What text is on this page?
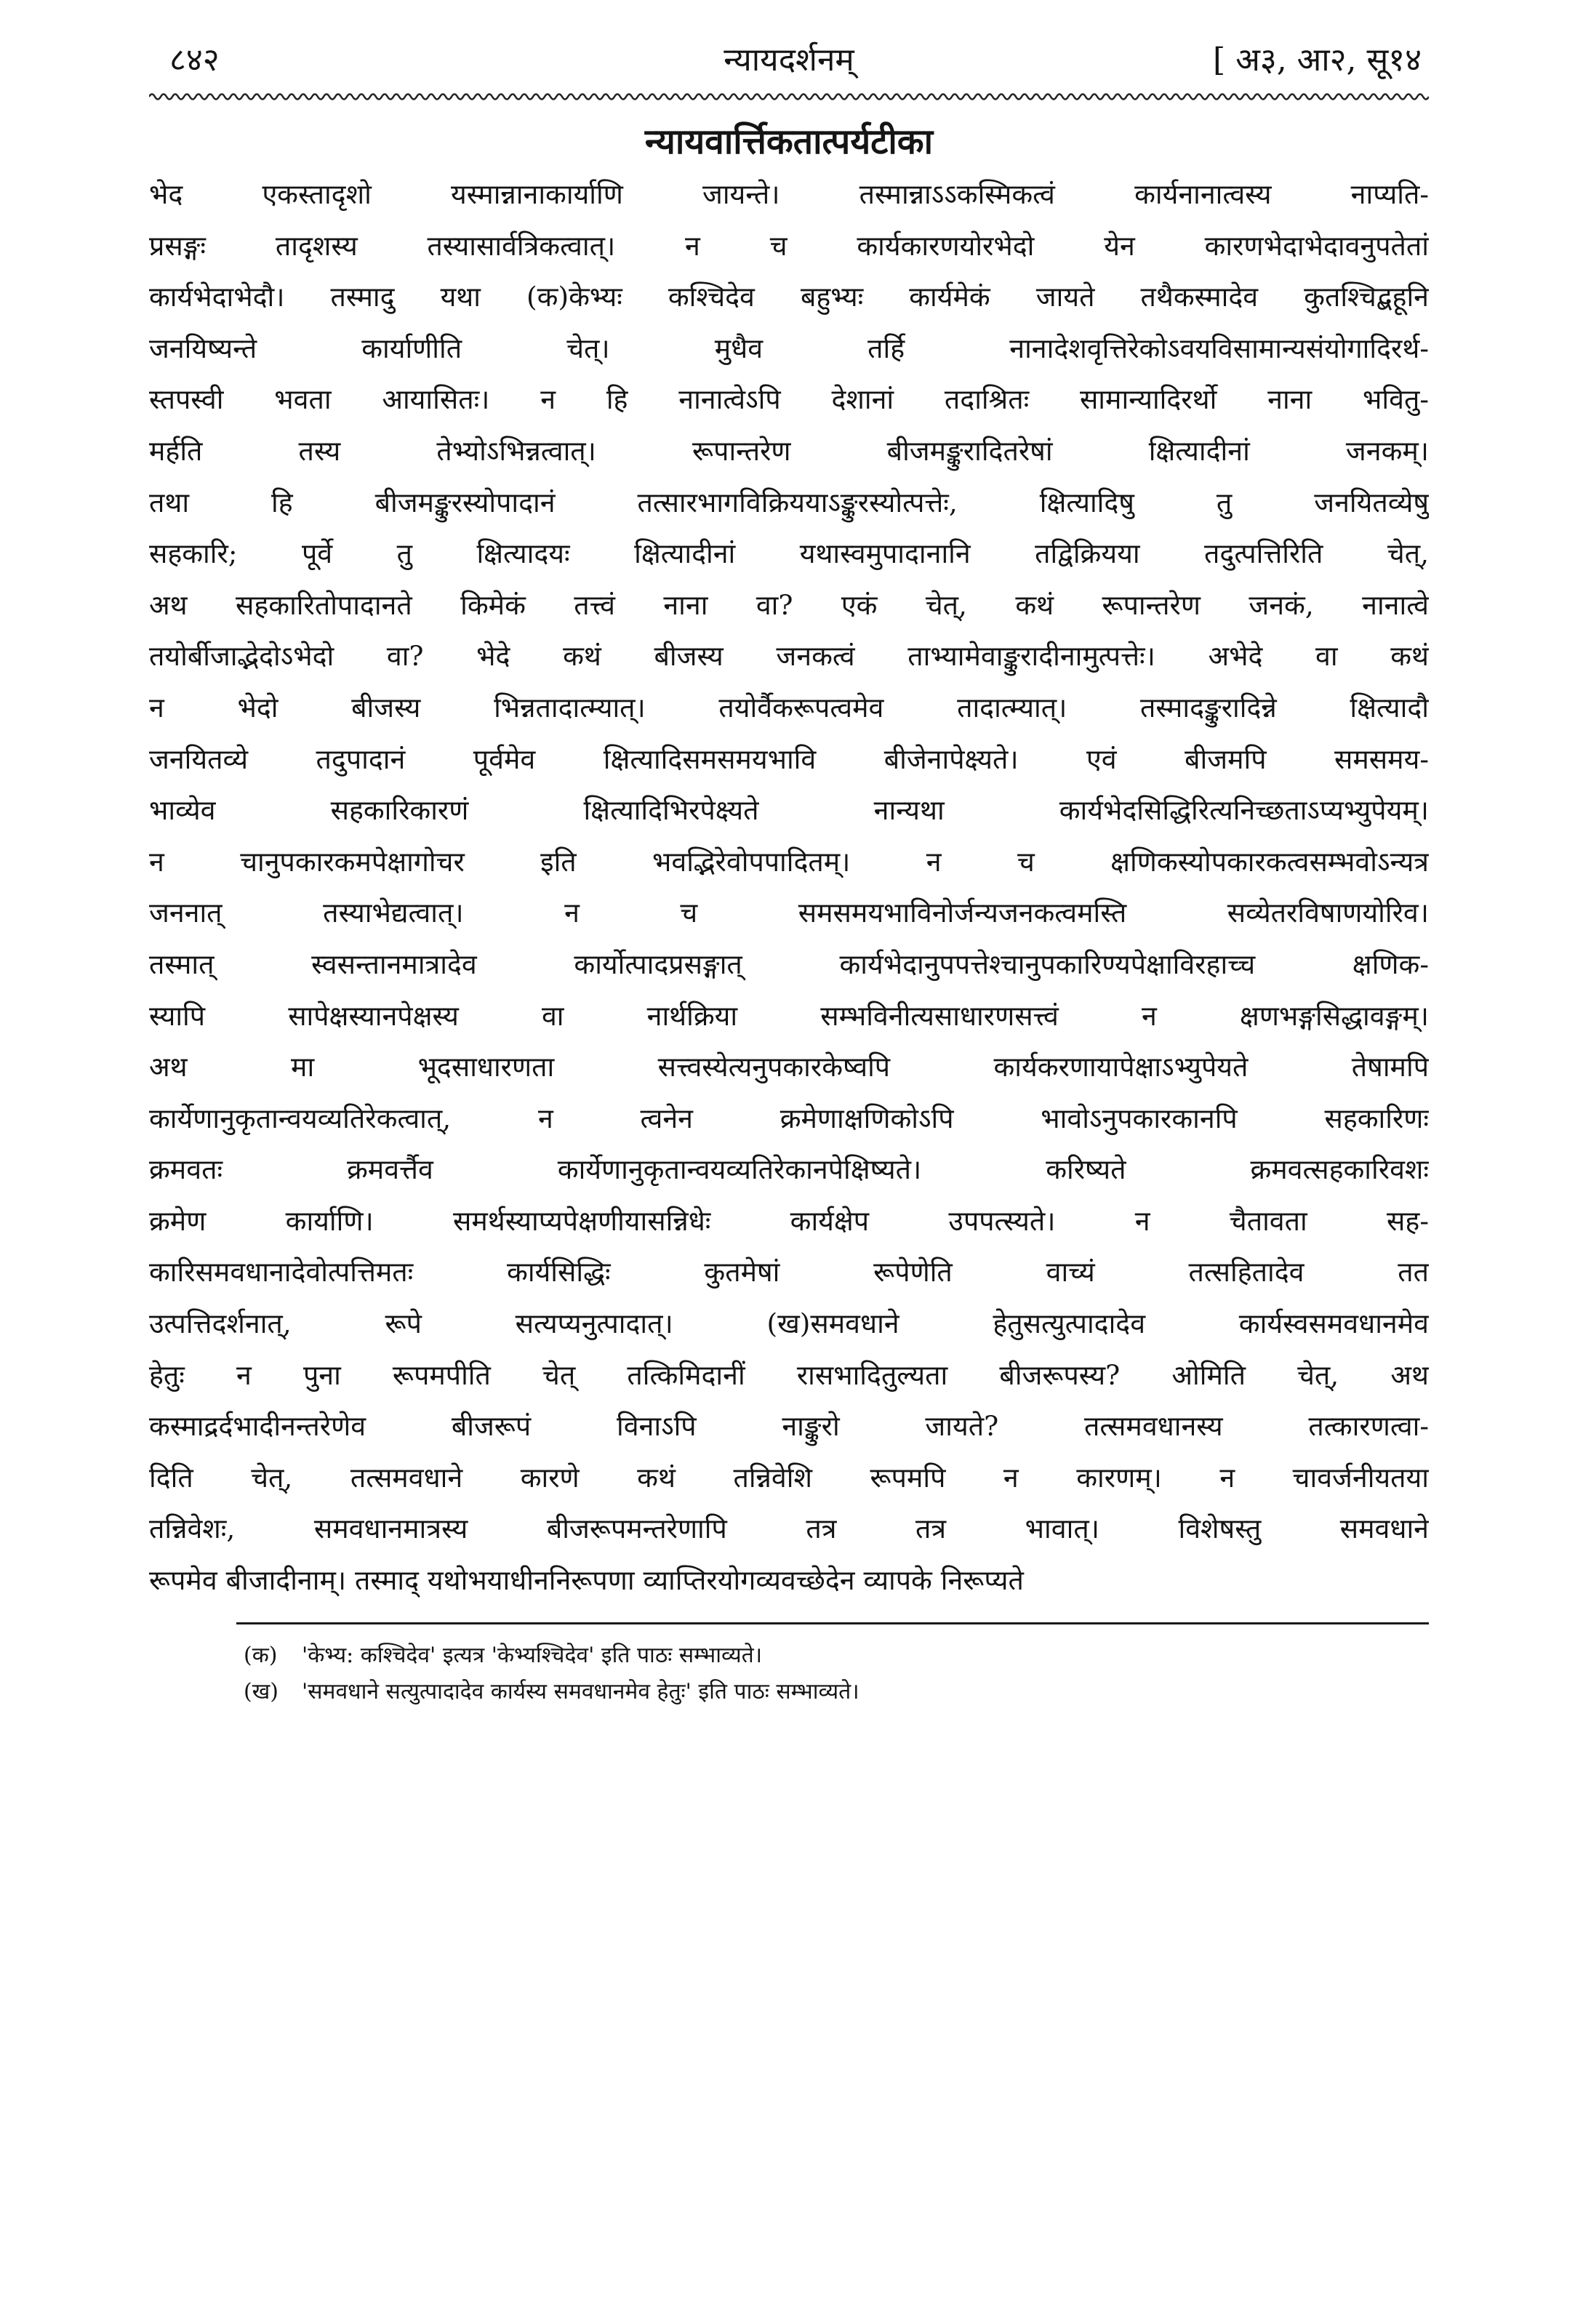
८४२	न्यायदर्शनम्	[ अ३, आ२, सू१४
न्यायवार्त्तिकतात्पर्यटीका
भेद एकस्तादृशो यस्मान्नानाकार्याणि जायन्ते। तस्मान्नाऽऽकस्मिकत्वं कार्यनानात्वस्य नाप्यति-
प्रसङ्गः तादृशस्य तस्यासार्वत्रिकत्वात्। न च कार्यकारणयोरभेदो येन कारणभेदाभेदावनुपतेतां
कार्यभेदाभेदौ। तस्मादु यथा (क)केभ्यः कश्चिदेव बहुभ्यः कार्यमेकं जायते तथैकस्मादेव कुतश्चिद्बहूनि
जनयिष्यन्ते कार्याणीति चेत्। मुधैव तर्हि नानादेशवृत्तिरेकोऽवयविसामान्यसंयोगादिरर्थ-
स्तपस्वी भवता आयासितः। न हि नानात्वेऽपि देशानां तदाश्रितः सामान्यादिरर्थो नाना भवितु-
मर्हति तस्य तेभ्योऽभिन्नत्वात्। रूपान्तरेण बीजमङ्कुरादितरेषां क्षित्यादीनां जनकम्।
तथा हि बीजमङ्कुरस्योपादानं तत्सारभागविक्रिययाऽङ्कुरस्योत्पत्तेः, क्षित्यादिषु तु जनयितव्येषु
सहकारि; पूर्वे तु क्षित्यादयः क्षित्यादीनां यथास्वमुपादानानि तद्विक्रियया तदुत्पत्तिरिति चेत्,
अथ सहकारितोपादानते किमेकं तत्त्वं नाना वा? एकं चेत्, कथं रूपान्तरेण जनकं, नानात्वे
तयोर्बीजाद्भेदोऽभेदो वा? भेदे कथं बीजस्य जनकत्वं ताभ्यामेवाङ्कुरादीनामुत्पत्तेः। अभेदे वा कथं
न भेदो बीजस्य भिन्नतादात्म्यात्। तयोर्वैकरूपत्वमेव तादात्म्यात्। तस्मादङ्कुरादिन्ने क्षित्यादौ
जनयितव्ये तदुपादानं पूर्वमेव क्षित्यादिसमसमयभावि बीजेनापेक्ष्यते। एवं बीजमपि समसमय-
भाव्येव सहकारिकारणं क्षित्यादिभिरपेक्ष्यते नान्यथा कार्यभेदसिद्धिरित्यनिच्छताऽप्यभ्युपेयम्।
न चानुपकारकमपेक्षागोचर इति भवद्भिरेवोपपादितम्। न च क्षणिकस्योपकारकत्वसम्भवोऽन्यत्र
जननात् तस्याभेद्यत्वात्। न च समसमयभाविनोर्जन्यजनकत्वमस्ति सव्येतरविषाणयोरिव।
तस्मात् स्वसन्तानमात्रादेव कार्योत्पादप्रसङ्गात् कार्यभेदानुपपत्तेश्चानुपकारिण्यपेक्षाविरहाच्च क्षणिक-
स्यापि सापेक्षस्यानपेक्षस्य वा नार्थक्रिया सम्भविनीत्यसाधारणसत्त्वं न क्षणभङ्गसिद्धावङ्गम्।
अथ मा भूदसाधारणता सत्त्वस्येत्यनुपकारकेष्वपि कार्यकरणायापेक्षाऽभ्युपेयते तेषामपि
कार्येणानुकृतान्वयव्यतिरेकत्वात्, न त्वनेन क्रमेणाक्षणिकोऽपि भावोऽनुपकारकानपि सहकारिणः
क्रमवतः क्रमवर्त्तैव कार्येणानुकृतान्वयव्यतिरेकानपेक्षिष्यते। करिष्यते क्रमवत्सहकारिवशः
क्रमेण कार्याणि। समर्थस्याप्यपेक्षणीयासन्निधेः कार्यक्षेप उपपत्स्यते। न चैतावता सह-
कारिसमवधानादेवोत्पत्तिमतः कार्यसिद्धिः कुतमेषां रूपेणेति वाच्यं तत्सहितादेव तत
उत्पत्तिदर्शनात्, रूपे सत्यप्यनुत्पादात्। (ख)समवधाने हेतुसत्युत्पादादेव कार्यस्वसमवधानमेव
हेतुः न पुना रूपमपीति चेत् तत्किमिदानीं रासभादितुल्यता बीजरूपस्य? ओमिति चेत्, अथ
कस्माद्रर्दभादीनन्तरेणेव बीजरूपं विनाऽपि नाङ्कुरो जायते? तत्समवधानस्य तत्कारणत्वा-
दिति चेत्, तत्समवधाने कारणे कथं तन्निवेशि रूपमपि न कारणम्। न चावर्जनीयतया
तन्निवेशः, समवधानमात्रस्य बीजरूपमन्तरेणापि तत्र तत्र भावात्। विशेषस्तु समवधाने
रूपमेव बीजादीनाम्। तस्माद् यथोभयाधीननिरूपणा व्याप्तिरयोगव्यवच्छेदेन व्यापके निरूप्यते
(क) 'केभ्य: कश्चिदेव' इत्यत्र 'केभ्यश्चिदेव' इति पाठः सम्भाव्यते।
(ख) 'समवधाने सत्युत्पादादेव कार्यस्य समवधानमेव हेतुः' इति पाठः सम्भाव्यते।
